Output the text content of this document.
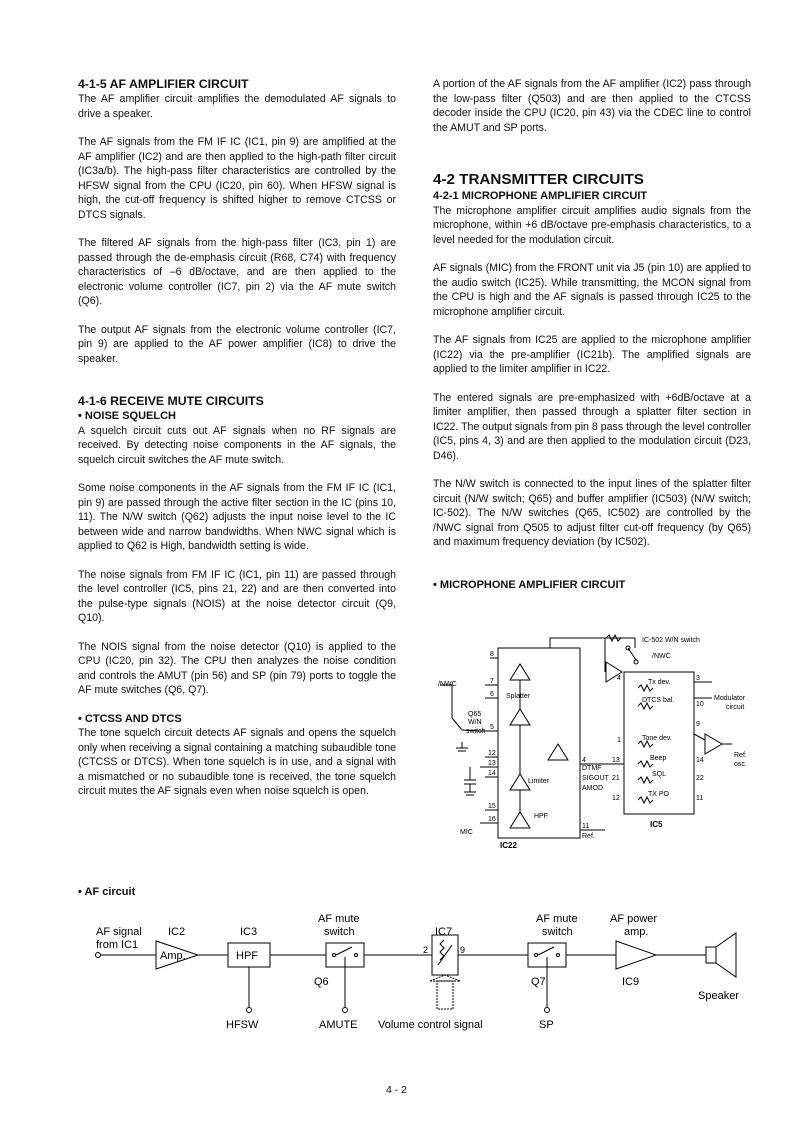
4-1-5 AF AMPLIFIER CIRCUIT

The AF amplifier circuit amplifies the demodulated AF signals to drive a speaker.

The AF signals from the FM IF IC (IC1, pin 9) are amplified at the AF amplifier (IC2) and are then applied to the high-path filter circuit (IC3a/b). The high-pass filter characteristics are controlled by the HFSW signal from the CPU (IC20, pin 60). When HFSW signal is high, the cut-off frequency is shifted higher to remove CTCSS or DTCS signals.

The filtered AF signals from the high-pass filter (IC3, pin 1) are passed through the de-emphasis circuit (R68, C74) with frequency characteristics of –6 dB/octave, and are then applied to the electronic volume controller (IC7, pin 2) via the AF mute switch (Q6).

The output AF signals from the electronic volume controller (IC7, pin 9) are applied to the AF power amplifier (IC8) to drive the speaker.

4-1-6 RECEIVE MUTE CIRCUITS
• NOISE SQUELCH

A squelch circuit cuts out AF signals when no RF signals are received. By detecting noise components in the AF signals, the squelch circuit switches the AF mute switch.

Some noise components in the AF signals from the FM IF IC (IC1, pin 9) are passed through the active filter section in the IC (pins 10, 11). The N/W switch (Q62) adjusts the input noise level to the IC between wide and narrow bandwidths. When NWC signal which is applied to Q62 is High, bandwidth setting is wide.

The noise signals from FM IF IC (IC1, pin 11) are passed through the level controller (IC5, pins 21, 22) and are then converted into the pulse-type signals (NOIS) at the noise detector circuit (Q9, Q10).

The NOIS signal from the noise detector (Q10) is applied to the CPU (IC20, pin 32). The CPU then analyzes the noise condition and controls the AMUT (pin 56) and SP (pin 79) ports to toggle the AF mute switches (Q6, Q7).

• CTCSS AND DTCS

The tone squelch circuit detects AF signals and opens the squelch only when receiving a signal containing a matching subaudible tone (CTCSS or DTCS). When tone squelch is in use, and a signal with a mismatched or no subaudible tone is received, the tone squelch circuit mutes the AF signals even when noise squelch is open.

A portion of the AF signals from the AF amplifier (IC2) pass through the low-pass filter (Q503) and are then applied to the CTCSS decoder inside the CPU (IC20, pin 43) via the CDEC line to control the AMUT and SP ports.

4-2 TRANSMITTER CIRCUITS
4-2-1 MICROPHONE AMPLIFIER CIRCUIT

The microphone amplifier circuit amplifies audio signals from the microphone, within +6 dB/octave pre-emphasis characteristics, to a level needed for the modulation circuit.

AF signals (MIC) from the FRONT unit via J5 (pin 10) are applied to the audio switch (IC25). While transmitting, the MCON signal from the CPU is high and the AF signals is passed through IC25 to the microphone amplifier circuit.

The AF signals from IC25 are applied to the microphone amplifier (IC22) via the pre-amplifier (IC21b). The amplified signals are applied to the limiter amplifier in IC22.

The entered signals are pre-emphasized with +6dB/octave at a limiter amplifier, then passed through a splatter filter section in IC22. The output signals from pin 8 pass through the level controller (IC5, pins 4, 3) and are then applied to the modulation circuit (D23, D46).

The N/W switch is connected to the input lines of the splatter filter circuit (N/W switch; Q65) and buffer amplifier (IC503) (N/W switch; IC-502). The N/W switches (Q65, IC502) are controlled by the /NWC signal from Q505 to adjust filter cut-off frequency (by Q65) and maximum frequency deviation (by IC502).

• MICROPHONE AMPLIFIER CIRCUIT
IC-502 W/N switch
/NWC
/NWC
Q65
W/N
switch
Splatter
Limiter
HPF
MIC
IC22
IC5
DTMF
SIGOUT
AMOD
Ref.
Tx dev.
DTCS bal.
Tone dev.
Beep
SQL
TX PO
Modulator
circuit
Ref.
osc.
8
7
6
5
12
13
14
15
16
4
11
4	3
10
9
1
13	14
21	22
12	11
• AF circuit
AF signal
from IC1
IC2
Amp.
IC3
HPF
AF mute
switch
Q6
IC7
2	9
AF mute
switch
Q7
AF power
amp.
IC9
Speaker
HFSW	AMUTE Volume control signal	SP
4 - 2
